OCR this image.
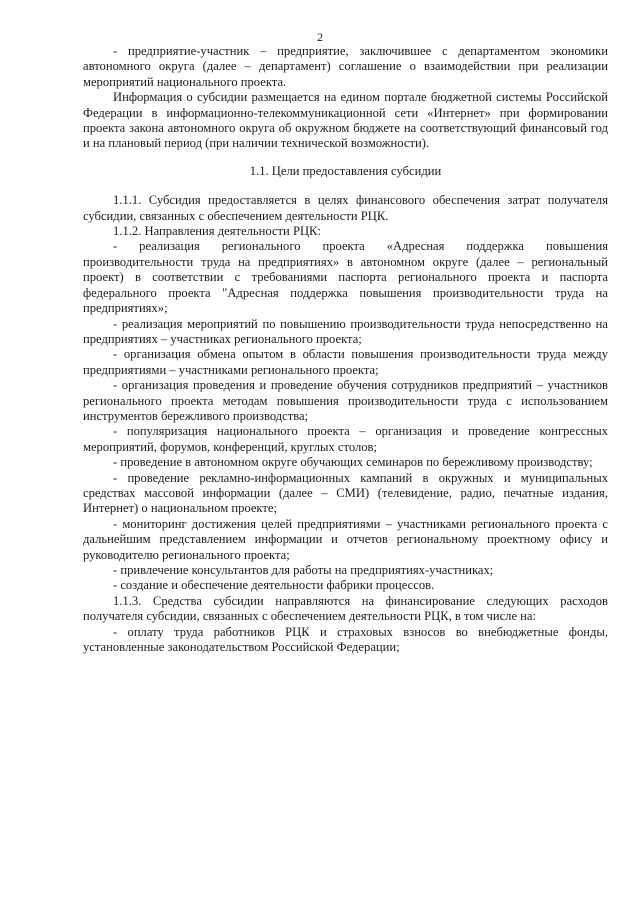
2

- предприятие-участник – предприятие, заключившее с департаментом экономики автономного округа (далее – департамент) соглашение о взаимодействии при реализации мероприятий национального проекта.

Информация о субсидии размещается на едином портале бюджетной системы Российской Федерации в информационно-телекоммуникационной сети «Интернет» при формировании проекта закона автономного округа об окружном бюджете на соответствующий финансовый год и на плановый период (при наличии технической возможности).

1.1. Цели предоставления субсидии

1.1.1. Субсидия предоставляется в целях финансового обеспечения затрат получателя субсидии, связанных с обеспечением деятельности РЦК.

1.1.2. Направления деятельности РЦК:

- реализация регионального проекта «Адресная поддержка повышения производительности труда на предприятиях» в автономном округе (далее – региональный проект) в соответствии с требованиями паспорта регионального проекта и паспорта федерального проекта "Адресная поддержка повышения производительности труда на предприятиях»;

- реализация мероприятий по повышению производительности труда непосредственно на предприятиях – участниках регионального проекта;

- организация обмена опытом в области повышения производительности труда между предприятиями – участниками регионального проекта;

- организация проведения и проведение обучения сотрудников предприятий – участников регионального проекта методам повышения производительности труда с использованием инструментов бережливого производства;

- популяризация национального проекта – организация и проведение конгрессных мероприятий, форумов, конференций, круглых столов;

- проведение в автономном округе обучающих семинаров по бережливому производству;

- проведение рекламно-информационных кампаний в окружных и муниципальных средствах массовой информации (далее – СМИ) (телевидение, радио, печатные издания, Интернет) о национальном проекте;

- мониторинг достижения целей предприятиями – участниками регионального проекта с дальнейшим представлением информации и отчетов региональному проектному офису и руководителю регионального проекта;

- привлечение консультантов для работы на предприятиях-участниках;

- создание и обеспечение деятельности фабрики процессов.

1.1.3. Средства субсидии направляются на финансирование следующих расходов получателя субсидии, связанных с обеспечением деятельности РЦК, в том числе на:

- оплату труда работников РЦК и страховых взносов во внебюджетные фонды, установленные законодательством Российской Федерации;
